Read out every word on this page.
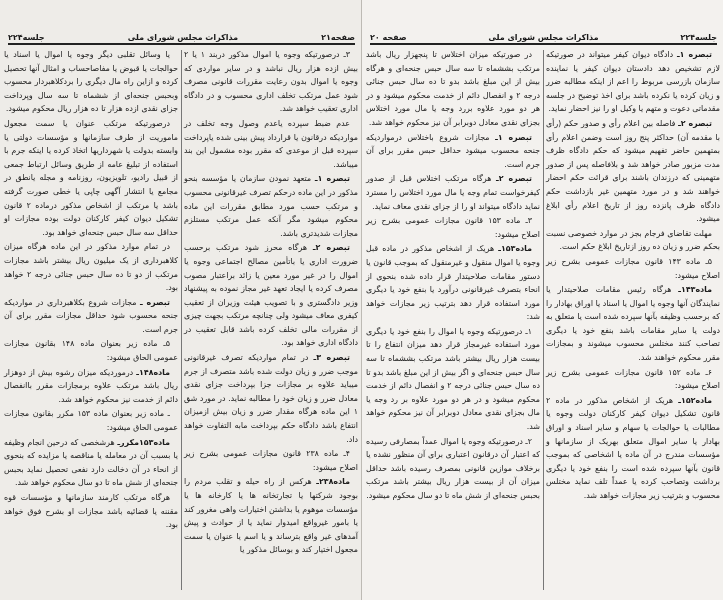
صفحه۲۱
مذاکرات مجلس شورای ملی
جلسه۲۲۴

۳ـ درصورتیکه وجوه یا اموال مذکور دربند ۱ یا ۲ بیش ازده هزار ریال نباشد و در سایر مواردی که وجوه یا اموال بدون رعایت مقررات قانونی مصرف شود عمل مرتکب تخلف اداری محسوب و در دادگاه اداری تعقیب خواهد شد.

عدم ضبط سپرده یاعدم وصول وجه تخلف در مواردیکه درقانون یا قرارداد پیش بینی شده یاپرداخت سپرده قبل از موعدی که مقرر بوده مشمول این بند میباشد.

تبصره ۱ـ متعهد نمودن سازمان یا مؤسسه بنحو مذکور در این ماده درحکم تصرف غیرقانونی محسوب و مرتکب حسب مورد مطابق مقررات این ماده محکوم میشود مگر آنکه عمل مرتکب مستلزم مجازات شدیدتری باشد.

تبصره ۲ـ هرگاه محرز شود مرتکب برحسب ضرورت اداری یا باتأمین مصالح اجتماعی وجوه یا اموال را در غیر مورد معین یا زائد براعتبار مصوب مصرف کرده یا ایجاد تعهد غیر مجاز نموده به پیشنهاد وزیر دادگستری و با تصویب هیئت وزیران از تعقیب کیفری معاف میشود ولی چنانچه مرتکب بجهت چیزی از مقررات مالی تخلف کرده باشد قابل تعقیب در دادگاه اداری خواهد بود.

تبصره ۳ـ در تمام مواردیکه تصرف غیرقانونی موجب ضرر و زیان دولت شده باشد متصرف از جرم میباید علاوه بر مجازات جزا بپرداخت جزای نقدی معادل ضرر و زیان خود را مطالبه نماید. در مورد شق ۱ این ماده هرگاه مقدار ضرر و زیان بیش ازمیزان انتفاع باشد دادگاه حکم بپرداخت مابه التفاوت خواهد داد.

۴ـ ماده ۲۳۸ قانون مجازات عمومی بشرح زیر اصلاح میشود:

ماده۲۳۸ـ هرکس از راه حیله و تقلب مردم را بوجود شرکتها یا تجارتخانه ها یا کارخانه ها یا مؤسسات موهوم یا بداشتن اختیارات واهی مغرور کند یا بامور غیرواقع امیدوار نماید یا از حوادث و پیش آمدهای غیر واقع بترساند و یا اسم یا عنوان یا سمت مجعول اختیار کند و بوسائل مذکور یا

یا وسائل تقلبی دیگر وجوه یا اموال یا اسناد یا حوالجات یا قبوض یا مفاصاحساب و امثال آنها تحصیل کرده و ازاین راه مال دیگری را بردکلاهبردار محسوب وبحبس جنحه‌ای از ششماه تا سه سال وپرداخت جزای نقدی ازده هزار تا ده هزار ریال محکوم میشود.

درصورتیکه مرتکب عنوان یا سمت مجعول ماموریت از طرف سازمانها و مؤسسات دولتی یا وابسته بدولت یا شهرداریها اتخاذ کرده یا اینکه جرم با استفاده از تبلیغ عامه از طریق وسائل ارتباط جمعی از قبیل رادیو، تلویزیون، روزنامه و مجله یانطق در مجامع یا انتشار آگهی چاپی یا خطی صورت گرفته باشد یا مرتکب از اشخاص مذکور درماده ۲ قانون تشکیل دیوان کیفر کارکنان دولت بوده مجازات او حداقل سه سال حبس جنحه‌ای خواهد بود.

در تمام موارد مذکور در این ماده هرگاه میزان کلاهبرداری از یک میلیون ریال بیشتر باشد مجازات مرتکب از دو تا ده سال حبس جنائی درجه ۲ خواهد بود.

تبصره ـ مجازات شروع بکلاهبرداری در مواردیکه جنحه محسوب شود حداقل مجازات مقرر برای آن جرم است.

۵ـ ماده زیر بعنوان ماده ۱۴۸ بقانون مجازات عمومی الحاق میشود:

ماده۱۴۸ـ درموردیکه میزان رشوه بیش از دوهزار ریال باشد مرتکب علاوه برمجازات مقرر باانفصال دائم از خدمت نیز محکوم خواهد شد.

ـ ماده زیر بعنوان ماده ۱۵۳ مکرر بقانون مجازات عمومی الحاق میشود:

ماده۱۵۳مکررـ هرشخصی که درحین انجام وظیفه یا بسبب آن در معامله یا مناقصه یا مزایده که بنحوی از انحاء در آن دخالت دارد نفعی تحصیل نماید بحبس جنحه‌ای از شش ماه تا دو سال محکوم خواهد شد.

هرگاه مرتکب کارمند سازمانها و مؤسسات قوه مقننه یا قضائیه باشد مجازات او بشرح فوق خواهد بود.

جلسه۲۲۴
مذاکرات مجلس شورای ملی
صفحه ۲۰

در صورتیکه میزان اختلاس تا پنجهزار ریال باشد مرتکب بششماه تا سه سال حبس جنحه‌ای و هرگاه بیش از این مبلغ باشد بدو تا ده سال حبس جنائی درجه ۲ و انفصال دائم از خدمت محکوم میشود و در هر دو مورد علاوه بررد وجه یا مال مورد اختلاس بجزای نقدی معادل دوبرابر آن نیز محکوم خواهد شد.

تبصره ۱ـ مجازات شروع باختلاس درمواردیکه جنحه محسوب میشود حداقل حبس مقرر برای آن جرم است.

تبصره ۲ـ هرگاه مرتکب اختلاس قبل از صدور کیفرخواست تمام وجه یا مال مورد اختلاس را مسترد نماید دادگاه میتواند او را از جزای نقدی معاف نماید.

۳ـ ماده ۱۵۳ قانون مجازات عمومی بشرح زیر اصلاح میشود:

ماده۱۵۳ـ هریک از اشخاص مذکور در ماده قبل وجوه یا اموال منقول و غیرمنقول که بموجب قانون یا دستور مقامات صلاحیتدار قرار داده شده بنحوی از انحاء بتصرف غیرقانونی درآورد یا بنفع خود یا دیگری مورد استفاده قرار دهد بترتیب زیر مجازات خواهد شد:

۱ـ درصورتیکه وجوه یا اموال را بنفع خود یا دیگری مورد استفاده غیرمجاز قرار دهد میزان انتفاع را تا بیست هزار ریال بیشتر باشد مرتکب بششماه تا سه سال حبس جنحه‌ای و اگر بیش از این مبلغ باشد بدو تا ده سال حبس جنائی درجه ۲ و انفصال دائم از خدمت محکوم میشود و در هر دو مورد علاوه بر رد وجه یا مال بجزای نقدی معادل دوبرابر آن نیز محکوم خواهد شد.

۲ـ درصورتیکه وجوه یا اموال عمداً بمصارفی رسیده که اعتبار آن درقانون اعتباری برای آن منظور نشده یا برخلاف موازین قانونی بمصرف رسیده باشد حداقل میزان آن از بیست هزار ریال بیشتر باشد مرتکب بحبس جنحه‌ای از شش ماه تا دو سال محکوم میشود.

تبصره ۱ـ دادگاه دیوان کیفر میتواند در صورتیکه لازم تشخیص دهد دادستان دیوان کیفر یا نماینده سازمان بازرسی مربوط را اعم از اینکه مطالبه ضرر و زیان کرده یا نکرده باشد برای اخذ توضیح در جلسه مقدماتی دعوت و متهم یا وکیل او را نیز احضار نماید.

تبصره ۲ـ فاصله بین اعلام رأی و صدور حکم (رأی با مقدمه آن) حداکثر پنج روز است وضمن اعلام رأی بمتهمین حاضر تفهیم میشود که حکم دادگاه ظرف مدت مزبور صادر خواهد شد و بلافاصله پس از صدور متهمینی که درزندان باشند برای قرائت حکم احضار خواهند شد و در مورد متهمین غیر بازداشت حکم دادگاه ظرف پانزده روز از تاریخ اعلام رأی ابلاغ میشود.

مهلت تقاضای فرجام بجز در موارد خصوصی نسبت بحکم ضرر و زیان ده روز ازتاریخ ابلاغ حکم است.

۵ـ ماده ۱۴۳ قانون مجازات عمومی بشرح زیر اصلاح میشود:

ماده۱۴۳ـ هرگاه رئیس مقامات صلاحیتدار یا نمایندگان آنها وجوه یا اموال یا اسناد یا اوراق بهادار را که برحسب وظیفه بآنها سپرده شده است یا متعلق به دولت یا سایر مقامات باشد بنفع خود یا دیگری تصاحب کنند مختلس محسوب میشوند و بمجازات مقرر محکوم خواهند شد.

۶ـ ماده ۱۵۲ قانون مجازات عمومی بشرح زیر اصلاح میشود:

ماده۱۵۲ـ هریک از اشخاص مذکور در ماده ۲ قانون تشکیل دیوان کیفر کارکنان دولت وجوه یا مطالبات یا حوالجات یا سهام و سایر اسناد و اوراق بهادار یا سایر اموال متعلق بهریک از سازمانها و مؤسسات مندرج در آن ماده یا اشخاصی که بموجب قانون بآنها سپرده شده است را بنفع خود یا دیگری برداشت وتصاحب کرده یا عمداً تلف نماید مختلس محسوب و بترتیب زیر مجازات خواهد شد.
